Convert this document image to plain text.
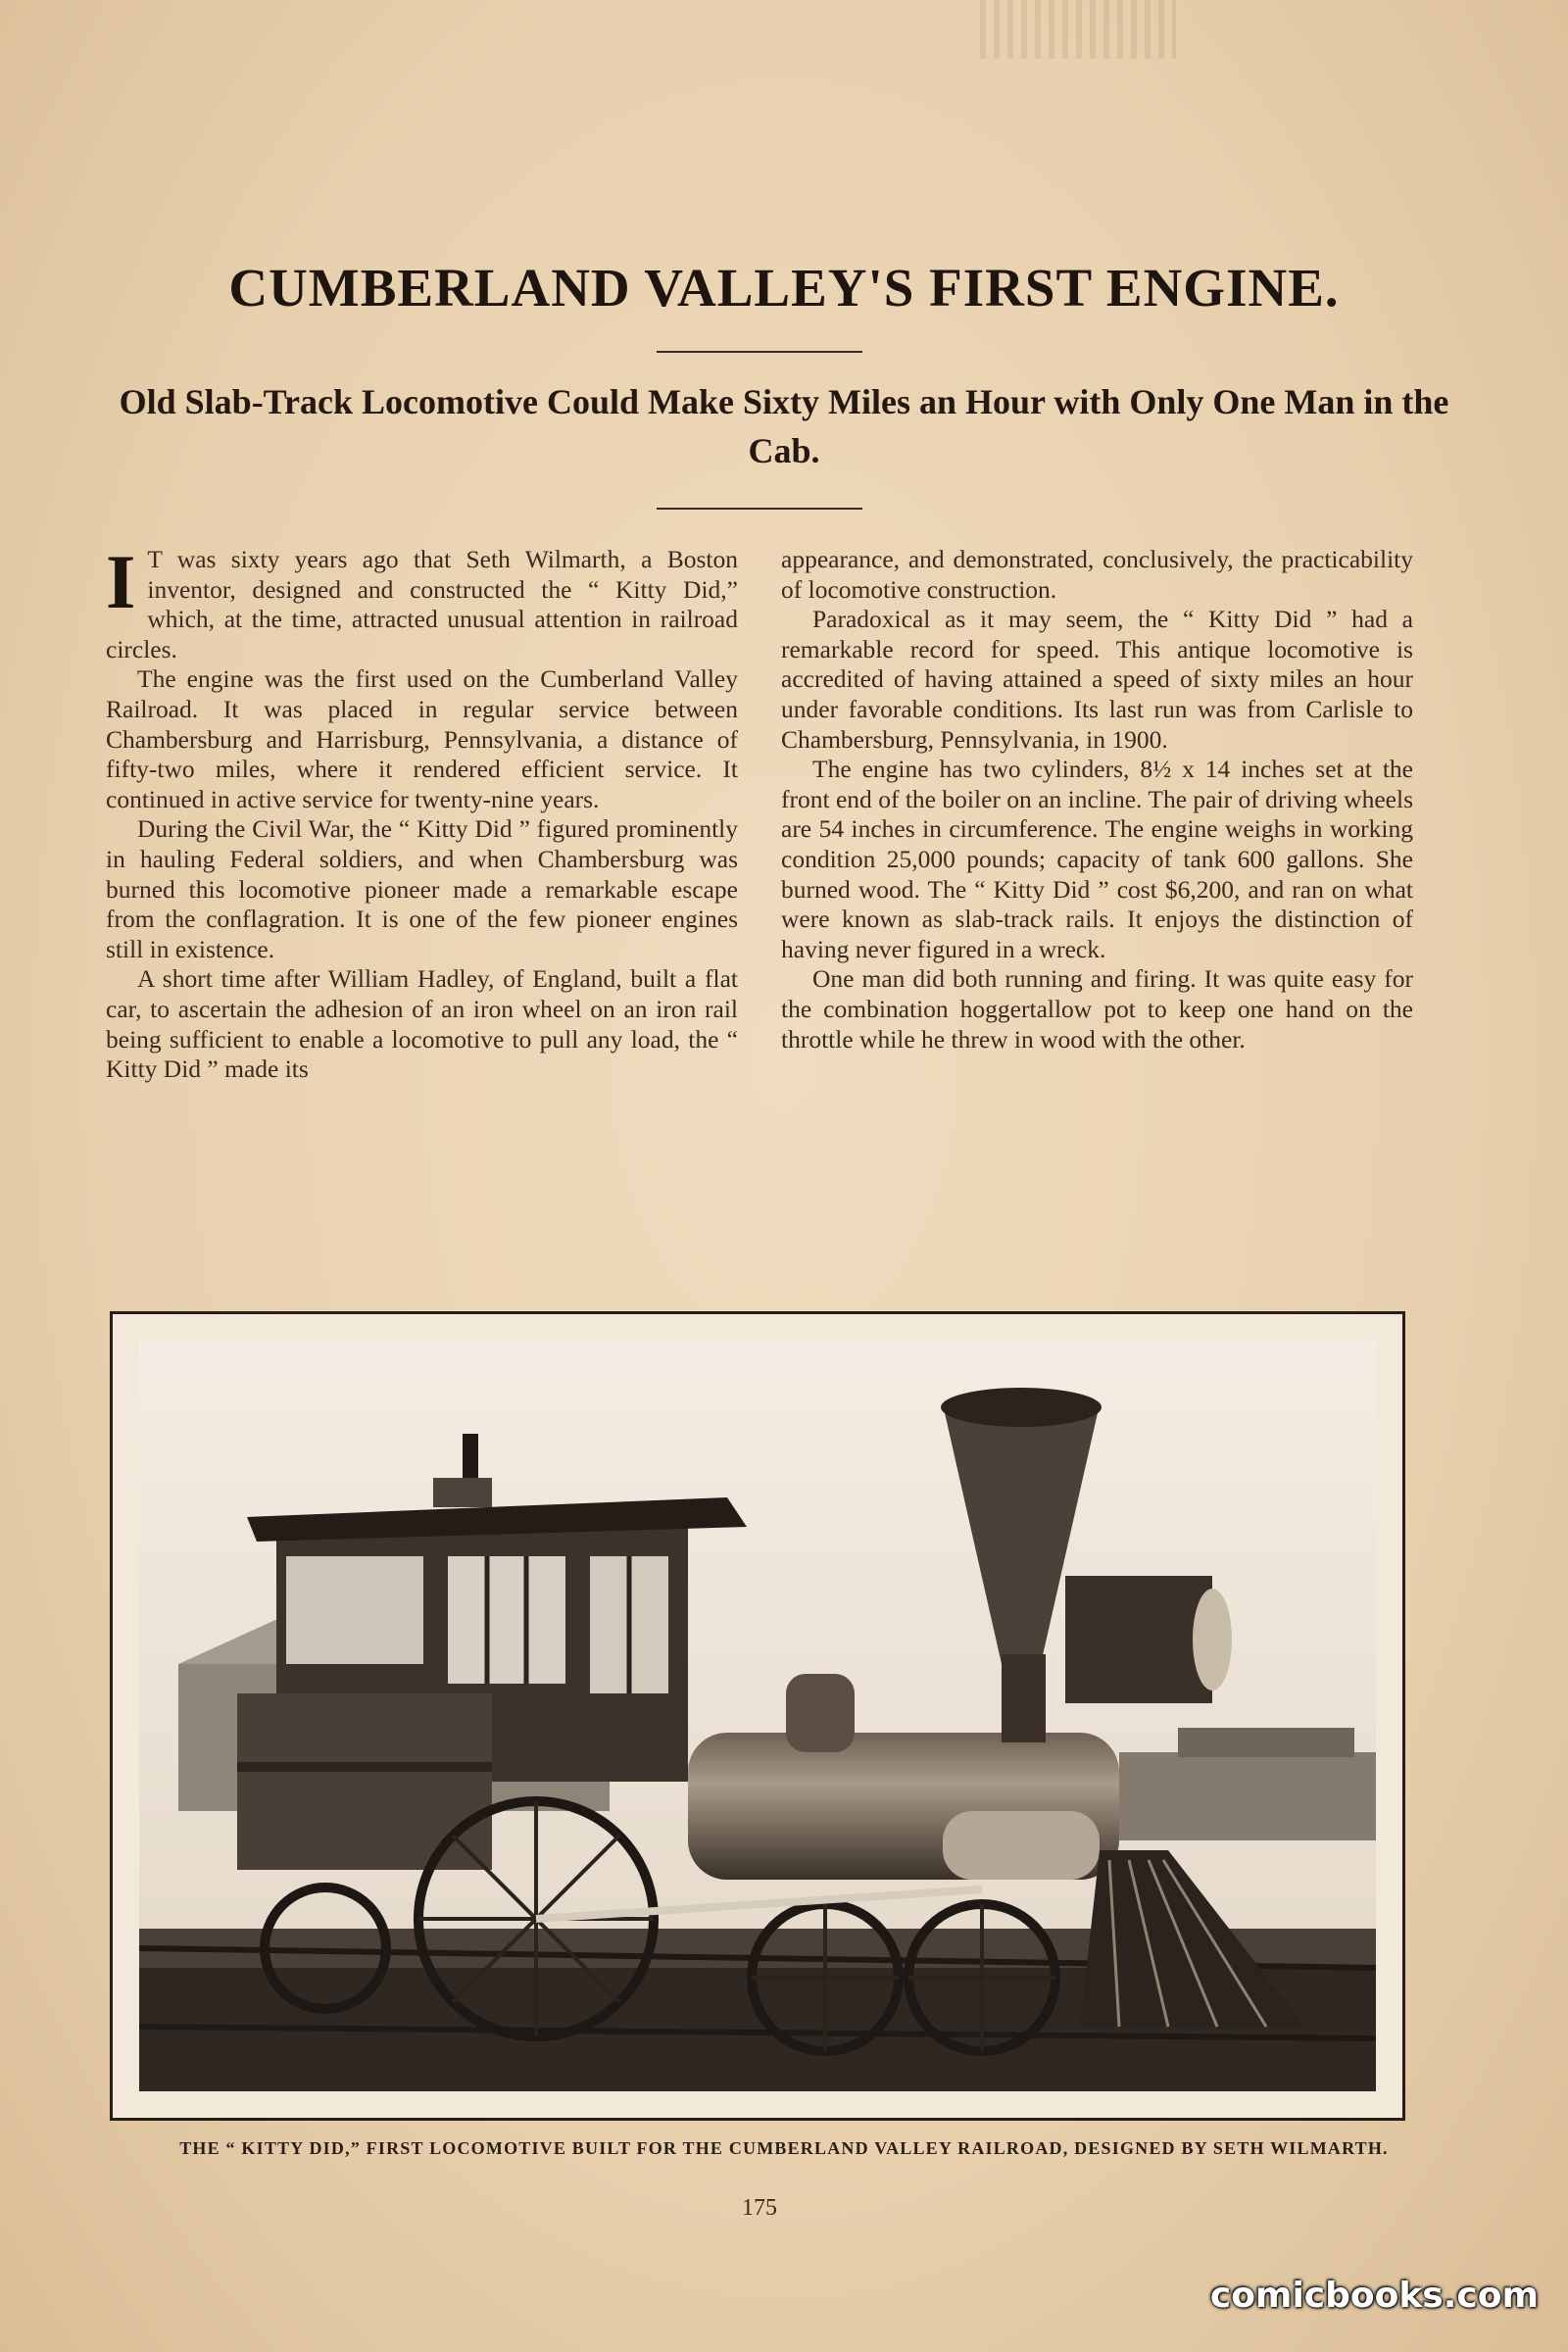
CUMBERLAND VALLEY'S FIRST ENGINE.
Old Slab-Track Locomotive Could Make Sixty Miles an Hour with Only One Man in the Cab.

I T was sixty years ago that Seth Wilmarth, a Boston inventor, designed and constructed the “ Kitty Did,” which, at the time, attracted unusual attention in railroad circles.

The engine was the first used on the Cumberland Valley Railroad. It was placed in regular service between Chambersburg and Harrisburg, Pennsylvania, a distance of fifty-two miles, where it rendered efficient service. It continued in active service for twenty-nine years.

During the Civil War, the “ Kitty Did ” figured prominently in hauling Federal soldiers, and when Chambersburg was burned this locomotive pioneer made a remarkable escape from the conflagration. It is one of the few pioneer engines still in existence.

A short time after William Hadley, of England, built a flat car, to ascertain the adhesion of an iron wheel on an iron rail being sufficient to enable a locomotive to pull any load, the “ Kitty Did ” made its

appearance, and demonstrated, conclusively, the practicability of locomotive construction.

Paradoxical as it may seem, the “ Kitty Did ” had a remarkable record for speed. This antique locomotive is accredited of having attained a speed of sixty miles an hour under favorable conditions. Its last run was from Carlisle to Chambersburg, Pennsylvania, in 1900.

The engine has two cylinders, 8½ x 14 inches set at the front end of the boiler on an incline. The pair of driving wheels are 54 inches in circumference. The engine weighs in working condition 25,000 pounds; capacity of tank 600 gallons. She burned wood. The “ Kitty Did ” cost $6,200, and ran on what were known as slab-track rails. It enjoys the distinction of having never figured in a wreck.

One man did both running and firing. It was quite easy for the combination hoggertallow pot to keep one hand on the throttle while he threw in wood with the other.

THE “ KITTY DID,” FIRST LOCOMOTIVE BUILT FOR THE CUMBERLAND VALLEY RAILROAD, DESIGNED BY SETH WILMARTH.

175
comicbooks.com
